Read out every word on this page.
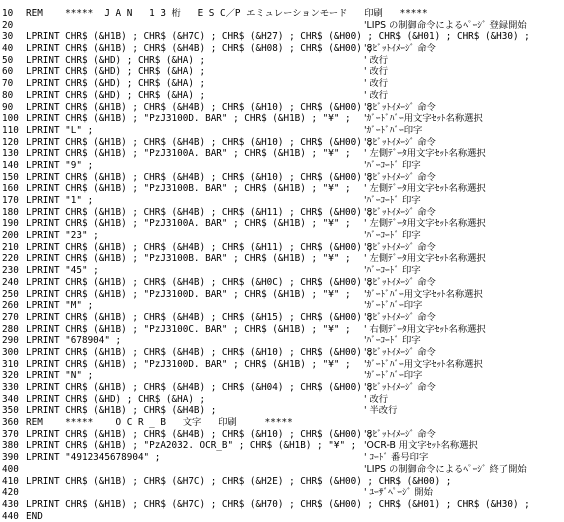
10	REM    *****  J A N   1 3 桁   E S C／P エミュレーションモード   印刷   *****
20	'LIPS の制御命令によるﾍﾟｰｼﾞ 登録開始
30	LPRINT CHR$ (&H1B) ; CHR$ (&H7C) ; CHR$ (&H27) ; CHR$ (&H00) ; CHR$ (&H01) ; CHR$ (&H30) ;
40	LPRINT CHR$ (&H1B) ; CHR$ (&H4B) ; CHR$ (&H08) ; CHR$ (&H00) ;
'8ﾋﾞｯﾄｲﾒｰｼﾞ 命令
50	LPRINT CHR$ (&HD) ; CHR$ (&HA) ;	' 改行
60	LPRINT CHR$ (&HD) ; CHR$ (&HA) ;	' 改行
70	LPRINT CHR$ (&HD) ; CHR$ (&HA) ;	' 改行
80	LPRINT CHR$ (&HD) ; CHR$ (&HA) ;	' 改行
90	LPRINT CHR$ (&H1B) ; CHR$ (&H4B) ; CHR$ (&H10) ; CHR$ (&H00) ;
'8ﾋﾞｯﾄｲﾒｰｼﾞ 命令
100 LPRINT CHR$ (&H1B) ; "PzJ3100D. BAR" ; CHR$ (&H1B) ; "¥" ; 'ｶﾞｰﾄﾞﾊﾞｰ用文字ｾｯﾄ名称選択
110 LPRINT "L" ;	'ｶﾞｰﾄﾞﾊﾞｰ印字
120 LPRINT CHR$ (&H1B) ; CHR$ (&H4B) ; CHR$ (&H10) ; CHR$ (&H00) ;
'8ﾋﾞｯﾄｲﾒｰｼﾞ 命令
130 LPRINT CHR$ (&H1B) ; "PzJ3100A. BAR" ; CHR$ (&H1B) ; "¥" ; ' 左側ﾃﾞｰﾀ用文字ｾｯﾄ名称選択
140 LPRINT "9" ;	'ﾊﾞｰｺｰﾄﾞ 印字
150 LPRINT CHR$ (&H1B) ; CHR$ (&H4B) ; CHR$ (&H10) ; CHR$ (&H00) ;
'8ﾋﾞｯﾄｲﾒｰｼﾞ 命令
160 LPRINT CHR$ (&H1B) ; "PzJ3100B. BAR" ; CHR$ (&H1B) ; "¥" ; ' 左側ﾃﾞｰﾀ用文字ｾｯﾄ名称選択
170 LPRINT "1" ;	'ﾊﾞｰｺｰﾄﾞ 印字
180 LPRINT CHR$ (&H1B) ; CHR$ (&H4B) ; CHR$ (&H11) ; CHR$ (&H00) ;
'8ﾋﾞｯﾄｲﾒｰｼﾞ 命令
190 LPRINT CHR$ (&H1B) ; "PzJ3100A. BAR" ; CHR$ (&H1B) ; "¥" ; ' 左側ﾃﾞｰﾀ用文字ｾｯﾄ名称選択
200 LPRINT "23" ;	'ﾊﾞｰｺｰﾄﾞ 印字
210 LPRINT CHR$ (&H1B) ; CHR$ (&H4B) ; CHR$ (&H11) ; CHR$ (&H00) ;
'8ﾋﾞｯﾄｲﾒｰｼﾞ 命令
220 LPRINT CHR$ (&H1B) ; "PzJ3100B. BAR" ; CHR$ (&H1B) ; "¥" ; ' 左側ﾃﾞｰﾀ用文字ｾｯﾄ名称選択
230 LPRINT "45" ;	'ﾊﾞｰｺｰﾄﾞ 印字
240 LPRINT CHR$ (&H1B) ; CHR$ (&H4B) ; CHR$ (&H0C) ; CHR$ (&H00) ;
'8ﾋﾞｯﾄｲﾒｰｼﾞ 命令
250 LPRINT CHR$ (&H1B) ; "PzJ3100D. BAR" ; CHR$ (&H1B) ; "¥" ; 'ｶﾞｰﾄﾞﾊﾞｰ用文字ｾｯﾄ名称選択
260 LPRINT "M" ;	'ｶﾞｰﾄﾞﾊﾞｰ印字
270 LPRINT CHR$ (&H1B) ; CHR$ (&H4B) ; CHR$ (&H15) ; CHR$ (&H00) ;
'8ﾋﾞｯﾄｲﾒｰｼﾞ 命令
280 LPRINT CHR$ (&H1B) ; "PzJ3100C. BAR" ; CHR$ (&H1B) ; "¥" ; ' 右側ﾃﾞｰﾀ用文字ｾｯﾄ名称選択
290 LPRINT "678904" ;	'ﾊﾞｰｺｰﾄﾞ 印字
300 LPRINT CHR$ (&H1B) ; CHR$ (&H4B) ; CHR$ (&H10) ; CHR$ (&H00) ;
'8ﾋﾞｯﾄｲﾒｰｼﾞ 命令
310 LPRINT CHR$ (&H1B) ; "PzJ3100D. BAR" ; CHR$ (&H1B) ; "¥" ; 'ｶﾞｰﾄﾞﾊﾞｰ用文字ｾｯﾄ名称選択
320 LPRINT "N" ;	'ｶﾞｰﾄﾞﾊﾞｰ印字
330 LPRINT CHR$ (&H1B) ; CHR$ (&H4B) ; CHR$ (&H04) ; CHR$ (&H00) ;
'8ﾋﾞｯﾄｲﾒｰｼﾞ 命令
340 LPRINT CHR$ (&HD) ; CHR$ (&HA) ;	' 改行
350 LPRINT CHR$ (&H1B) ; CHR$ (&H4B) ;	' 半改行
360 REM    *****    O C R _ B   文字   印刷     *****
370 LPRINT CHR$ (&H1B) ; CHR$ (&H4B) ; CHR$ (&H10) ; CHR$ (&H00) ;
'8ﾋﾞｯﾄｲﾒｰｼﾞ 命令
380 LPRINT CHR$ (&H1B) ; "PzA2032. OCR_B" ; CHR$ (&H1B) ; "¥" ; 'OCR-B 用文字ｾｯﾄ名称選択
390 LPRINT "4912345678904" ;	' ｺｰﾄﾞ 番号印字
400	'LIPS の制御命令によるﾍﾟｰｼﾞ 終了開始
410 LPRINT CHR$ (&H1B) ; CHR$ (&H7C) ; CHR$ (&H2E) ; CHR$ (&H00) ; CHR$ (&H00) ;
420	' ﾕｰｻﾞﾍﾟｰｼﾞ 開始
430 LPRINT CHR$ (&H1B) ; CHR$ (&H7C) ; CHR$ (&H70) ; CHR$ (&H00) ; CHR$ (&H01) ; CHR$ (&H30) ;
440 END
